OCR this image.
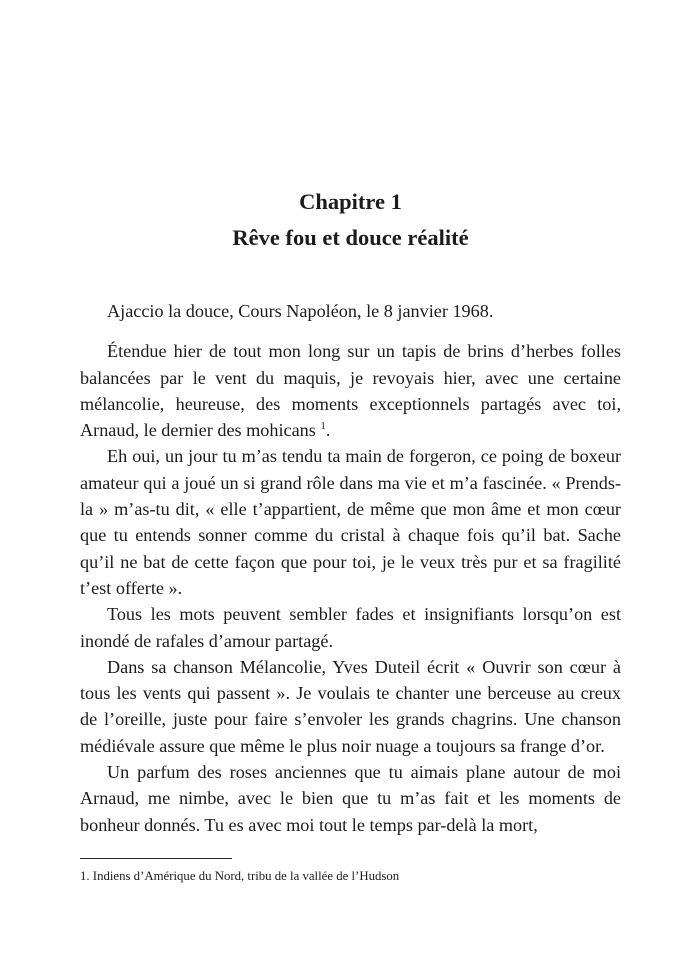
Chapitre 1
Rêve fou et douce réalité

Ajaccio la douce, Cours Napoléon, le 8 janvier 1968.

Étendue hier de tout mon long sur un tapis de brins d’herbes folles balancées par le vent du maquis, je revoyais hier, avec une certaine mélancolie, heureuse, des moments exceptionnels partagés avec toi, Arnaud, le dernier des mohicans $^1$.

Eh oui, un jour tu m’as tendu ta main de forgeron, ce poing de boxeur amateur qui a joué un si grand rôle dans ma vie et m’a fascinée. « Prends-la » m’as-tu dit, « elle t’appartient, de même que mon âme et mon cœur que tu entends sonner comme du cristal à chaque fois qu’il bat. Sache qu’il ne bat de cette façon que pour toi, je le veux très pur et sa fragilité t’est offerte ».

Tous les mots peuvent sembler fades et insignifiants lorsqu’on est inondé de rafales d’amour partagé.

Dans sa chanson Mélancolie, Yves Duteil écrit « Ouvrir son cœur à tous les vents qui passent ». Je voulais te chanter une berceuse au creux de l’oreille, juste pour faire s’envoler les grands chagrins. Une chanson médiévale assure que même le plus noir nuage a toujours sa frange d’or.

Un parfum des roses anciennes que tu aimais plane autour de moi Arnaud, me nimbe, avec le bien que tu m’as fait et les moments de bonheur donnés. Tu es avec moi tout le temps par-delà la mort,

1. Indiens d’Amérique du Nord, tribu de la vallée de l’Hudson
